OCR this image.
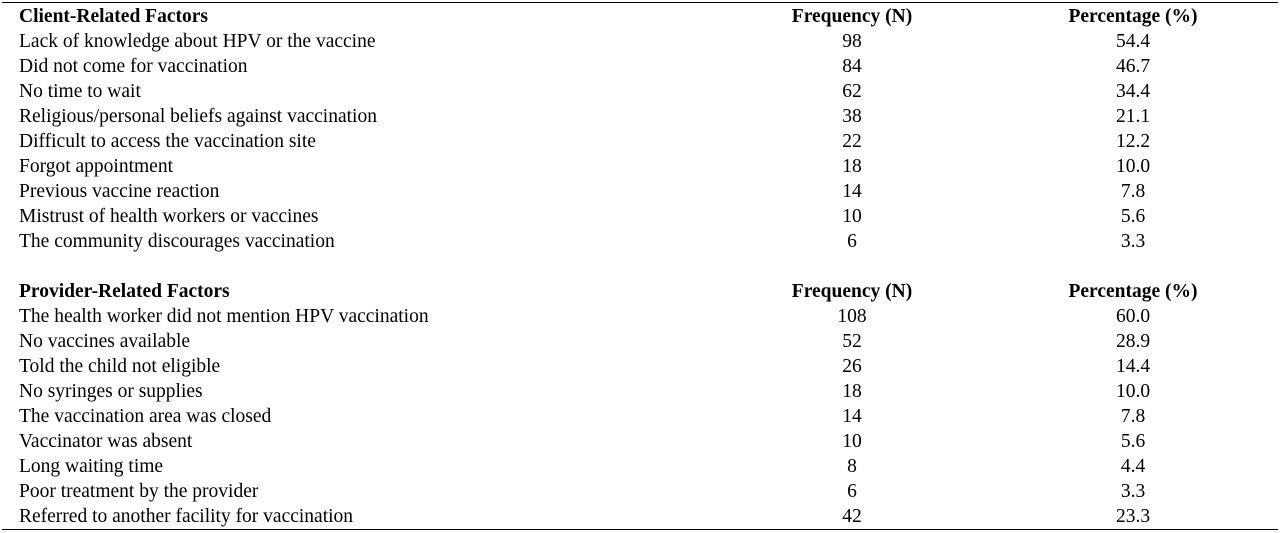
Client-Related Factors	Frequency (N)	Percentage (%)
Lack of knowledge about HPV or the vaccine	98	54.4
Did not come for vaccination	84	46.7
No time to wait	62	34.4
Religious/personal beliefs against vaccination	38	21.1
Difficult to access the vaccination site	22	12.2
Forgot appointment	18	10.0
Previous vaccine reaction	14	7.8
Mistrust of health workers or vaccines	10	5.6
The community discourages vaccination	6	3.3
Provider-Related Factors	Frequency (N)	Percentage (%)
The health worker did not mention HPV vaccination	108	60.0
No vaccines available	52	28.9
Told the child not eligible	26	14.4
No syringes or supplies	18	10.0
The vaccination area was closed	14	7.8
Vaccinator was absent	10	5.6
Long waiting time	8	4.4
Poor treatment by the provider	6	3.3
Referred to another facility for vaccination	42	23.3
